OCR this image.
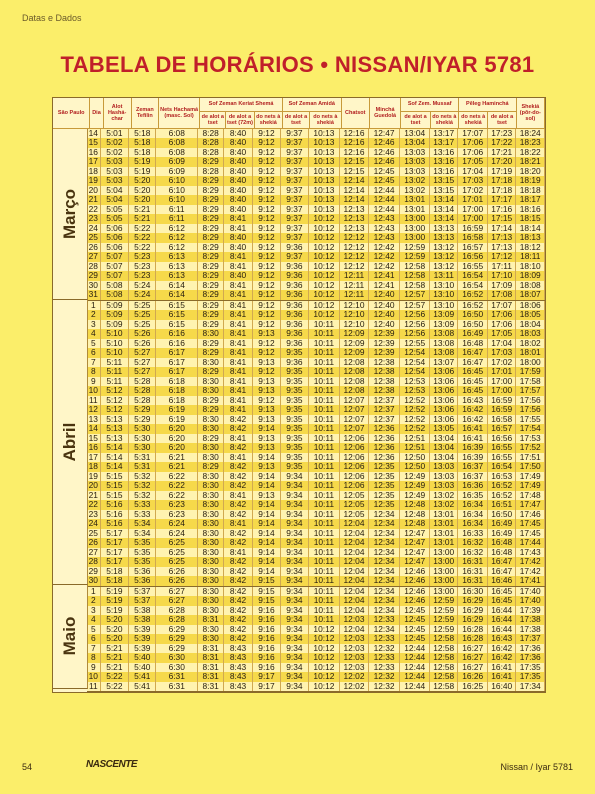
Datas e Dados
TABELA DE HORÁRIOS • NISSAN/IYAR 5781
São Paulo	Dia	Alot Hashá-char	Zeman Tefilin	Nets Hachamá (masc. Sol)	Sof Zeman Keriat Shemá			Sof Zeman Amidá		Chatsot	Minchá Guedolá	Sof Zem. Mussaf		Pêleg Haminchá		Shekiá (pôr-do-sol)
					de alot a tset	de alot a tset (72m)	do nets à shekiá	de alot a tset	do nets à shekiá			de alot a tset	do nets à shekiá	do nets à shekiá	de alot a tset	
Março
Abril
Maio
14	5:01	5:18	6:08	8:28	8:40	9:12	9:37	10:13	12:16	12:47	13:04	13:17	17:07	17:23	18:24
15	5:02	5:18	6:08	8:28	8:40	9:12	9:37	10:13	12:16	12:46	13:04	13:17	17:06	17:22	18:23
16	5:02	5:18	6:08	8:28	8:40	9:12	9:37	10:13	12:16	12:46	13:03	13:16	17:06	17:21	18:22
17	5:03	5:19	6:09	8:29	8:40	9:12	9:37	10:13	12:15	12:46	13:03	13:16	17:05	17:20	18:21
18	5:03	5:19	6:09	8:28	8:40	9:12	9:37	10:13	12:15	12:45	13:03	13:16	17:04	17:19	18:20
19	5:03	5:20	6:10	8:29	8:40	9:12	9:37	10:13	12:14	12:45	13:02	13:15	17:03	17:18	18:19
20	5:04	5:20	6:10	8:29	8:40	9:12	9:37	10:13	12:14	12:44	13:02	13:15	17:02	17:18	18:18
21	5:04	5:20	6:10	8:29	8:40	9:12	9:37	10:13	12:14	12:44	13:01	13:14	17:01	17:17	18:17
22	5:05	5:21	6:11	8:29	8:40	9:12	9:37	10:13	12:13	12:44	13:01	13:14	17:00	17:16	18:16
23	5:05	5:21	6:11	8:29	8:41	9:12	9:37	10:12	12:13	12:43	13:00	13:14	17:00	17:15	18:15
24	5:06	5:22	6:12	8:29	8:41	9:12	9:37	10:12	12:13	12:43	13:00	13:13	16:59	17:14	18:14
25	5:06	5:22	6:12	8:29	8:40	9:12	9:37	10:12	12:12	12:43	13:00	13:13	16:58	17:13	18:13
26	5:06	5:22	6:12	8:29	8:40	9:12	9:36	10:12	12:12	12:42	12:59	13:12	16:57	17:13	18:12
27	5:07	5:23	6:13	8:29	8:41	9:12	9:37	10:12	12:12	12:42	12:59	13:12	16:56	17:12	18:11
28	5:07	5:23	6:13	8:29	8:41	9:12	9:36	10:12	12:12	12:42	12:58	13:12	16:55	17:11	18:10
29	5:07	5:23	6:13	8:29	8:40	9:12	9:36	10:12	12:11	12:41	12:58	13:11	16:54	17:10	18:09
30	5:08	5:24	6:14	8:29	8:41	9:12	9:36	10:12	12:11	12:41	12:58	13:10	16:54	17:09	18:08
31	5:08	5:24	6:14	8:29	8:41	9:12	9:36	10:12	12:11	12:40	12:57	13:10	16:52	17:08	18:07
1	5:09	5:25	6:15	8:29	8:41	9:12	9:36	10:12	12:10	12:40	12:57	13:10	16:52	17:07	18:06
2	5:09	5:25	6:15	8:29	8:41	9:12	9:36	10:12	12:10	12:40	12:56	13:09	16:50	17:06	18:05
3	5:09	5:25	6:15	8:29	8:41	9:12	9:36	10:11	12:10	12:40	12:56	13:09	16:50	17:06	18:04
4	5:10	5:26	6:16	8:30	8:41	9:13	9:36	10:11	12:09	12:39	12:56	13:08	16:49	17:05	18:03
5	5:10	5:26	6:16	8:29	8:41	9:12	9:36	10:11	12:09	12:39	12:55	13:08	16:48	17:04	18:02
6	5:10	5:27	6:17	8:29	8:41	9:12	9:35	10:11	12:09	12:39	12:54	13:08	16:47	17:03	18:01
7	5:11	5:27	6:17	8:30	8:41	9:13	9:36	10:11	12:08	12:38	12:54	13:07	16:47	17:02	18:00
8	5:11	5:27	6:17	8:29	8:41	9:12	9:35	10:11	12:08	12:38	12:54	13:06	16:45	17:01	17:59
9	5:11	5:28	6:18	8:30	8:41	9:13	9:35	10:11	12:08	12:38	12:53	13:06	16:45	17:00	17:58
10	5:12	5:28	6:18	8:30	8:41	9:13	9:35	10:11	12:08	12:38	12:53	13:06	16:45	17:00	17:57
11	5:12	5:28	6:18	8:29	8:41	9:12	9:35	10:11	12:07	12:37	12:52	13:06	16:43	16:59	17:56
12	5:12	5:29	6:19	8:29	8:41	9:13	9:35	10:11	12:07	12:37	12:52	13:06	16:42	16:59	17:56
13	5:13	5:29	6:19	8:30	8:42	9:13	9:35	10:11	12:07	12:37	12:52	13:06	16:42	16:58	17:55
14	5:13	5:30	6:20	8:30	8:42	9:14	9:35	10:11	12:07	12:36	12:52	13:05	16:41	16:57	17:54
15	5:13	5:30	6:20	8:29	8:41	9:13	9:35	10:11	12:06	12:36	12:51	13:04	16:41	16:56	17:53
16	5:14	5:30	6:20	8:30	8:42	9:13	9:35	10:11	12:06	12:36	12:51	13:04	16:39	16:55	17:52
17	5:14	5:31	6:21	8:30	8:41	9:14	9:35	10:11	12:06	12:36	12:50	13:04	16:39	16:55	17:51
18	5:14	5:31	6:21	8:29	8:42	9:13	9:35	10:11	12:06	12:35	12:50	13:03	16:37	16:54	17:50
19	5:15	5:32	6:22	8:30	8:42	9:14	9:34	10:11	12:06	12:35	12:49	13:03	16:37	16:53	17:49
20	5:15	5:32	6:22	8:30	8:42	9:14	9:34	10:11	12:06	12:35	12:49	13:03	16:36	16:52	17:49
21	5:15	5:32	6:22	8:30	8:41	9:13	9:34	10:11	12:05	12:35	12:49	13:02	16:35	16:52	17:48
22	5:16	5:33	6:23	8:30	8:42	9:14	9:34	10:11	12:05	12:35	12:48	13:02	16:34	16:51	17:47
23	5:16	5:33	6:23	8:30	8:42	9:14	9:34	10:11	12:05	12:34	12:48	13:01	16:34	16:50	17:46
24	5:16	5:34	6:24	8:30	8:41	9:14	9:34	10:11	12:04	12:34	12:48	13:01	16:34	16:49	17:45
25	5:17	5:34	6:24	8:30	8:42	9:14	9:34	10:11	12:04	12:34	12:47	13:01	16:33	16:49	17:45
26	5:17	5:35	6:25	8:30	8:42	9:14	9:34	10:11	12:04	12:34	12:47	13:01	16:32	16:48	17:44
27	5:17	5:35	6:25	8:30	8:41	9:14	9:34	10:11	12:04	12:34	12:47	13:00	16:32	16:48	17:43
28	5:17	5:35	6:25	8:30	8:42	9:14	9:34	10:11	12:04	12:34	12:47	13:00	16:31	16:47	17:42
29	5:18	5:36	6:26	8:30	8:42	9:14	9:34	10:11	12:04	12:34	12:46	13:00	16:31	16:47	17:42
30	5:18	5:36	6:26	8:30	8:42	9:15	9:34	10:11	12:04	12:34	12:46	13:00	16:31	16:46	17:41
1	5:19	5:37	6:27	8:30	8:42	9:15	9:34	10:11	12:04	12:34	12:46	13:00	16:30	16:45	17:40
2	5:19	5:37	6:27	8:30	8:42	9:15	9:34	10:11	12:04	12:34	12:46	12:59	16:29	16:45	17:40
3	5:19	5:38	6:28	8:30	8:42	9:16	9:34	10:11	12:04	12:34	12:45	12:59	16:29	16:44	17:39
4	5:20	5:38	6:28	8:31	8:42	9:16	9:34	10:11	12:03	12:33	12:45	12:59	16:29	16:44	17:38
5	5:20	5:39	6:29	8:30	8:42	9:16	9:34	10:12	12:04	12:34	12:45	12:59	16:28	16:44	17:38
6	5:20	5:39	6:29	8:30	8:42	9:16	9:34	10:12	12:03	12:33	12:45	12:58	16:28	16:43	17:37
7	5:21	5:39	6:29	8:31	8:43	9:16	9:34	10:12	12:03	12:32	12:44	12:58	16:27	16:42	17:36
8	5:21	5:40	6:30	8:31	8:43	9:16	9:34	10:12	12:03	12:33	12:44	12:58	16:27	16:42	17:36
9	5:21	5:40	6:30	8:31	8:43	9:16	9:34	10:12	12:03	12:33	12:44	12:58	16:27	16:41	17:35
10	5:22	5:41	6:31	8:31	8:43	9:17	9:34	10:12	12:02	12:32	12:44	12:58	16:26	16:41	17:35
11	5:22	5:41	6:31	8:31	8:43	9:17	9:34	10:12	12:02	12:32	12:44	12:58	16:25	16:40	17:34
54	NASCENTE	Nissan / Iyar 5781
